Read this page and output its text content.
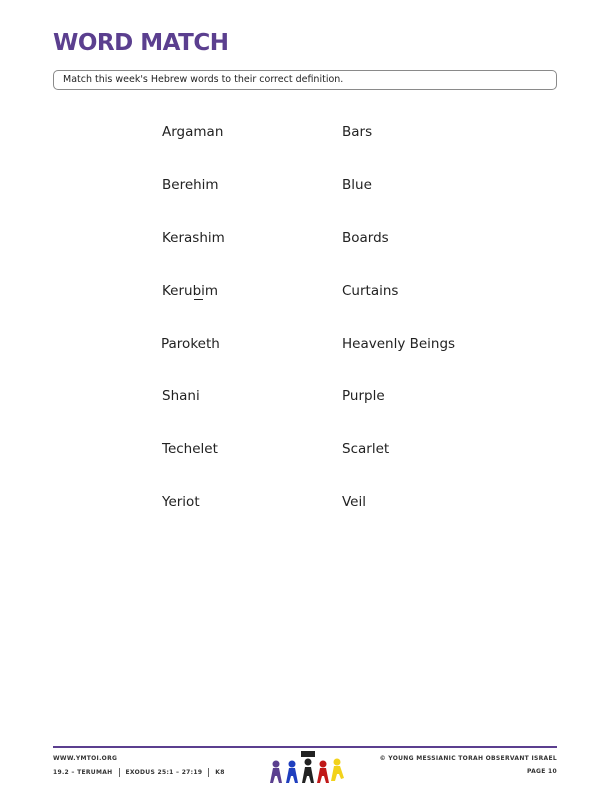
WORD MATCH
Match this week's Hebrew words to their correct definition.
Argaman
Berehim
Kerashim
Kerubim
Paroketh
Shani
Techelet
Yeriot
Bars
Blue
Boards
Curtains
Heavenly Beings
Purple
Scarlet
Veil
WWW.YMTOI.ORG
19.2 – TERUMAH EXODUS 25:1 – 27:19 K8
© YOUNG MESSIANIC TORAH OBSERVANT ISRAEL
PAGE 10
